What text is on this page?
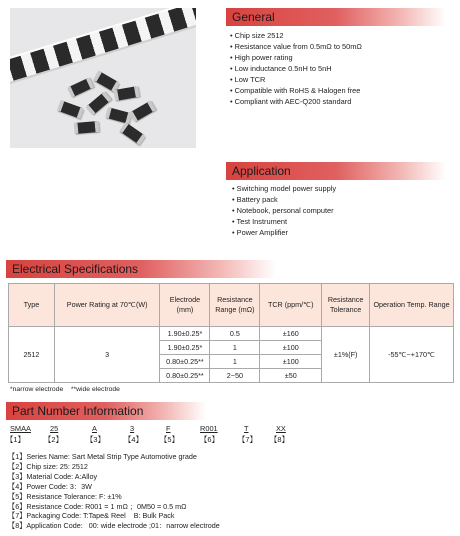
General
• Chip size 2512
• Resistance value from 0.5mΩ to 50mΩ
• High power rating
• Low inductance 0.5nH to 5nH
• Low TCR
• Compatible with RoHS & Halogen free
• Compliant with AEC-Q200 standard
Application
• Switching model power supply
• Battery pack
• Notebook, personal computer
• Test Instrument
• Power Amplifier
Electrical Specifications
Type	Power Rating at 70℃(W)	Electrode (mm)	Resistance Range (mΩ)	TCR (ppm/℃)	Resistance Tolerance	Operation Temp. Range
2512	3	1.90±0.25*	0.5	±160	±1%(F)	-55℃~+170℃
		1.90±0.25*	1	±100		
		0.80±0.25**	1	±100		
		0.80±0.25**	2~50	±50		
*narrow electrode    **wide electrode
Part Number Information
SMAA	25	A	3	F	R001	T	XX
【1】	【2】	【3】	【4】 【5】	【6】	【7】 【8】
【1】Series Name: Sart Metal Strip Type Automotive grade
【2】Chip size: 25: 2512
【3】Material Code: A:Alloy
【4】Power Code: 3：3W
【5】Resistance Tolerance: F: ±1%
【6】Resistance Code: R001 = 1 mΩ ；0M50 = 0.5 mΩ
【7】Packaging Code: T:Tape& Reel    B: Bulk Pack
【8】Application Code:   00: wide electrode ;01：narrow electrode
